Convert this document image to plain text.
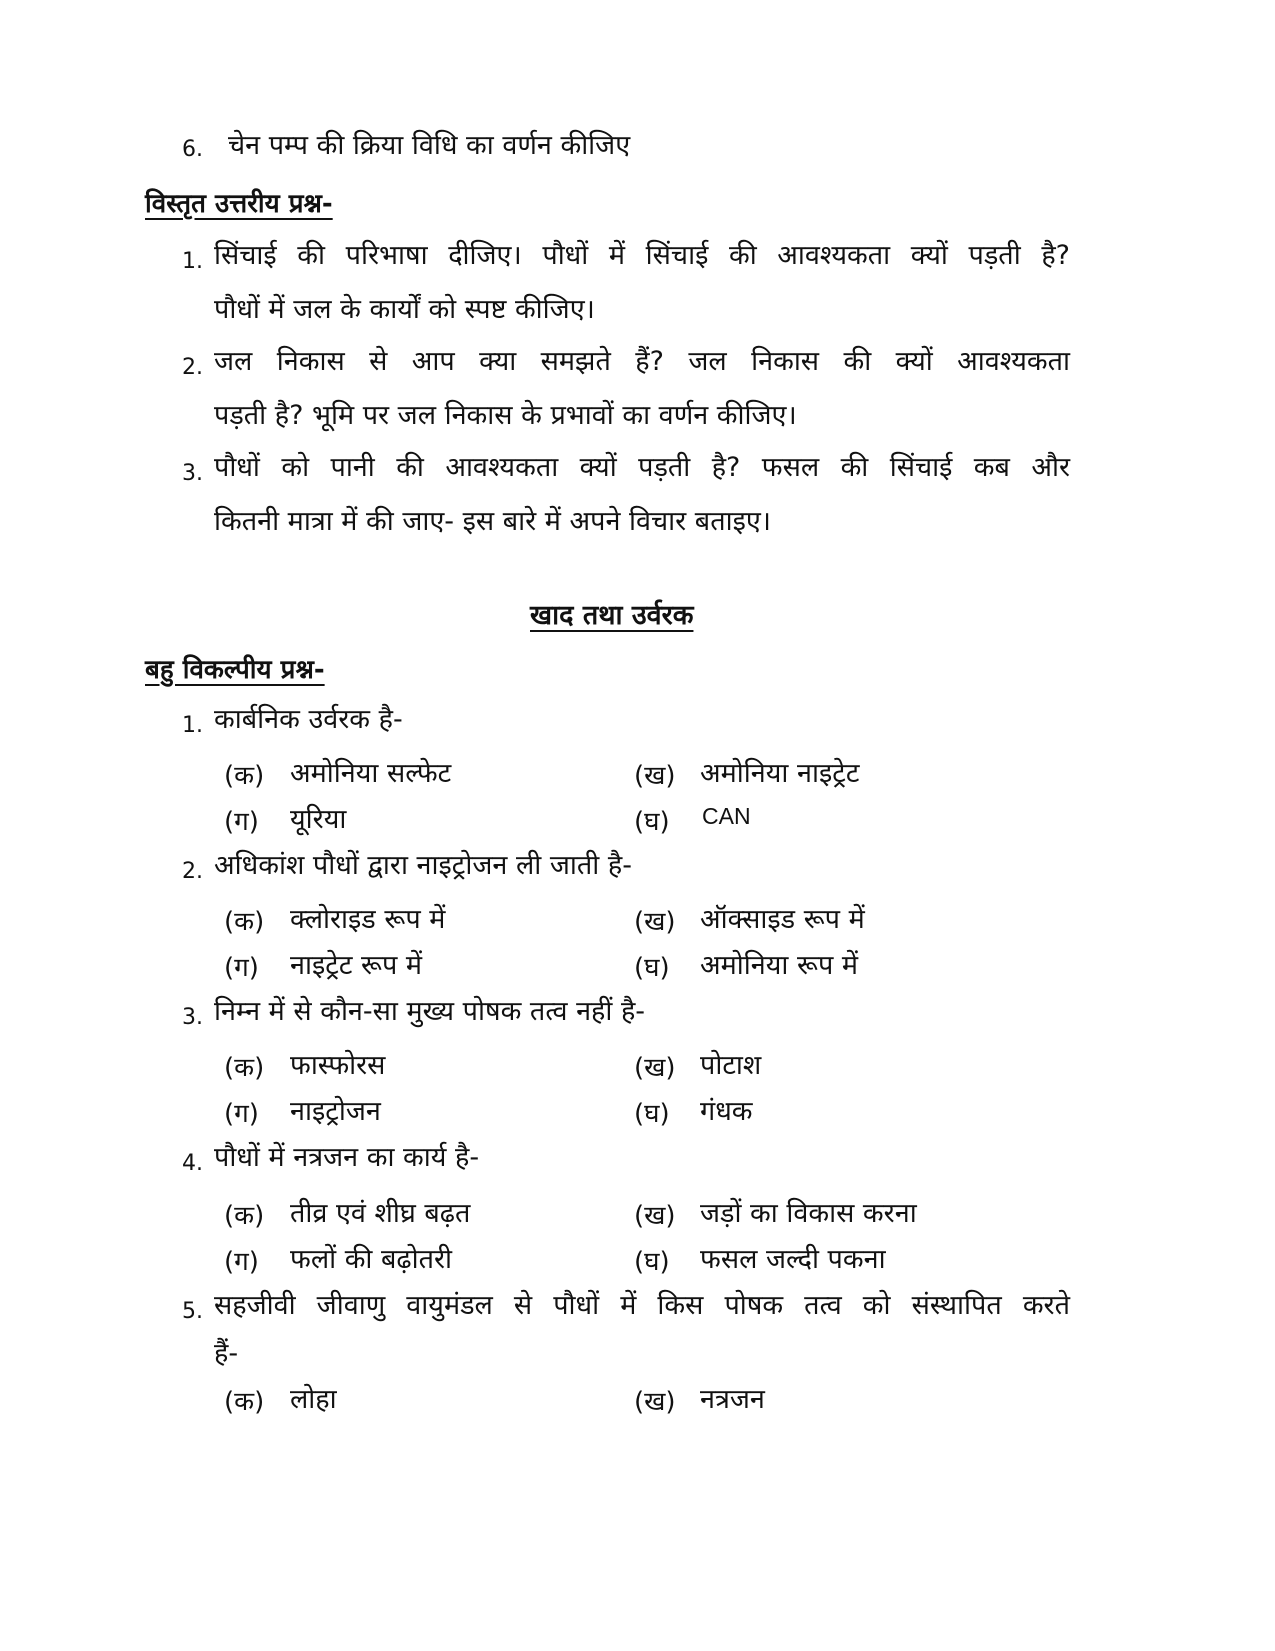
6. चेन पम्प की क्रिया विधि का वर्णन कीजिए
विस्तृत उत्तरीय प्रश्न-
1. सिंचाई की परिभाषा दीजिए। पौधों में सिंचाई की आवश्यकता क्यों पड़ती है?
पौधों में जल के कार्यों को स्पष्ट कीजिए।
2. जल निकास से आप क्या समझते हैं? जल निकास की क्यों आवश्यकता
पड़ती है? भूमि पर जल निकास के प्रभावों का वर्णन कीजिए।
3. पौधों को पानी की आवश्यकता क्यों पड़ती है? फसल की सिंचाई कब और
कितनी मात्रा में की जाए- इस बारे में अपने विचार बताइए।
खाद तथा उर्वरक
बहु विकल्पीय प्रश्न-
1. कार्बनिक उर्वरक है-
(क) अमोनिया सल्फेट	(ख) अमोनिया नाइट्रेट
(ग) यूरिया	(घ) CAN
2. अधिकांश पौधों द्वारा नाइट्रोजन ली जाती है-
(क) क्लोराइड रूप में	(ख) ऑक्साइड रूप में
(ग) नाइट्रेट रूप में	(घ) अमोनिया रूप में
3. निम्न में से कौन-सा मुख्य पोषक तत्व नहीं है-
(क) फास्फोरस	(ख) पोटाश
(ग) नाइट्रोजन	(घ) गंधक
4. पौधों में नत्रजन का कार्य है-
(क) तीव्र एवं शीघ्र बढ़त	(ख) जड़ों का विकास करना
(ग) फलों की बढ़ोतरी	(घ) फसल जल्दी पकना
5. सहजीवी जीवाणु वायुमंडल से पौधों में किस पोषक तत्व को संस्थापित करते
हैं-
(क) लोहा	(ख) नत्रजन
